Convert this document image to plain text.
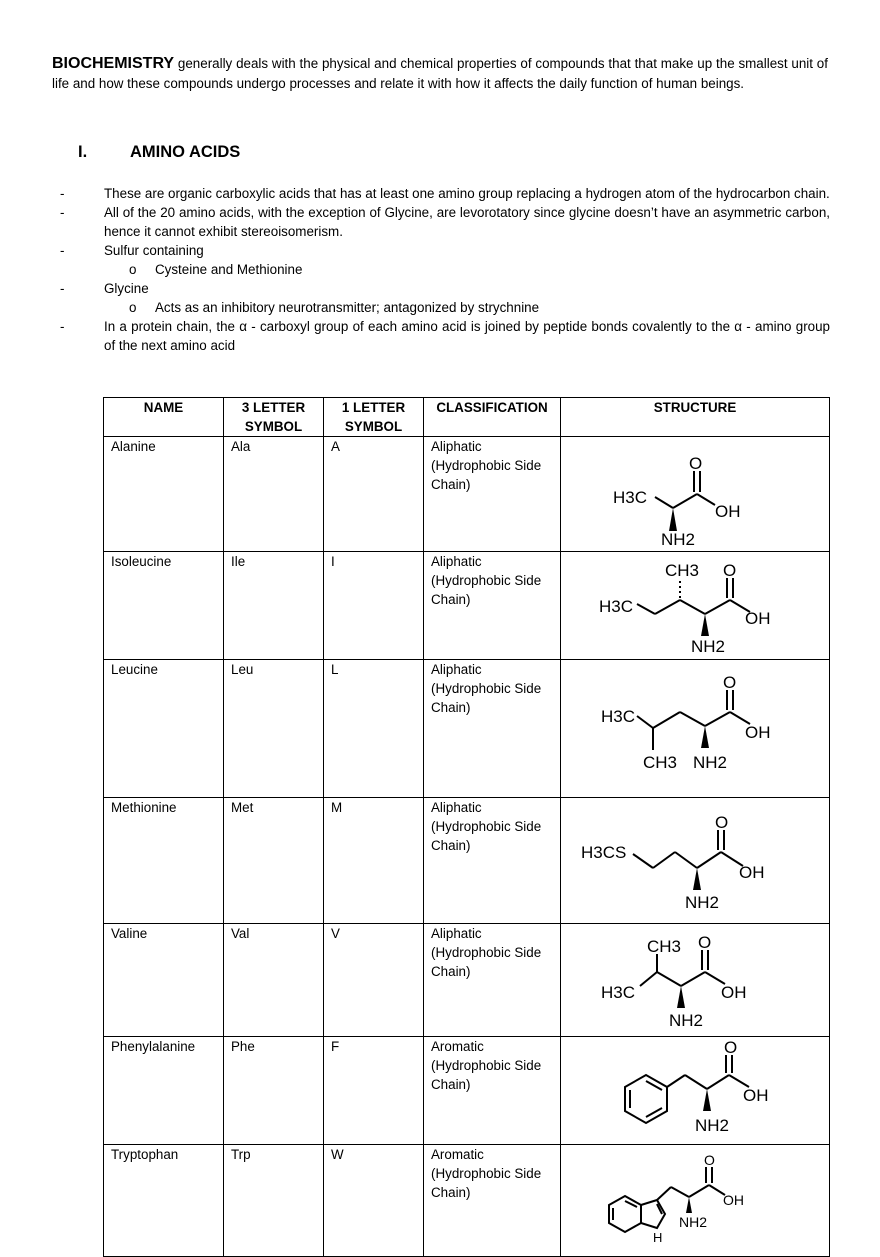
BIOCHEMISTRY generally deals with the physical and chemical properties of compounds that that make up the smallest unit of life and how these compounds undergo processes and relate it with how it affects the daily function of human beings.
I.	AMINO ACIDS
-	These are organic carboxylic acids that has at least one amino group replacing a hydrogen atom of the hydrocarbon chain.
-	All of the 20 amino acids, with the exception of Glycine, are levorotatory since glycine doesn’t have an asymmetric carbon, hence it cannot exhibit stereoisomerism.
-	Sulfur containing
o Cysteine and Methionine
-	Glycine
o Acts as an inhibitory neurotransmitter; antagonized by strychnine
-	In a protein chain, the α - carboxyl group of each amino acid is joined by peptide bonds covalently to the α - amino group of the next amino acid
NAME	3 LETTER SYMBOL	1 LETTER SYMBOL	CLASSIFICATION	STRUCTURE
Alanine	Ala	A	Aliphatic (Hydrophobic Side Chain)	H3C
O
OH
NH2

Isoleucine	Ile	I	Aliphatic (Hydrophobic Side Chain)	H3C
CH3 O
OH
NH2

Leucine	Leu	L	Aliphatic (Hydrophobic Side Chain)	H3C
O
OH
CH3 NH2

Methionine	Met	M	Aliphatic (Hydrophobic Side Chain)	H3CS
O
OH
NH2

Valine	Val	V	Aliphatic (Hydrophobic Side Chain)	H3C
CH3 O
OH
NH2

Phenylalanine	Phe	F	Aromatic (Hydrophobic Side Chain)	O
OH
NH2

Tryptophan	Trp	W	Aromatic (Hydrophobic Side Chain)	O
OH
NH2
H
